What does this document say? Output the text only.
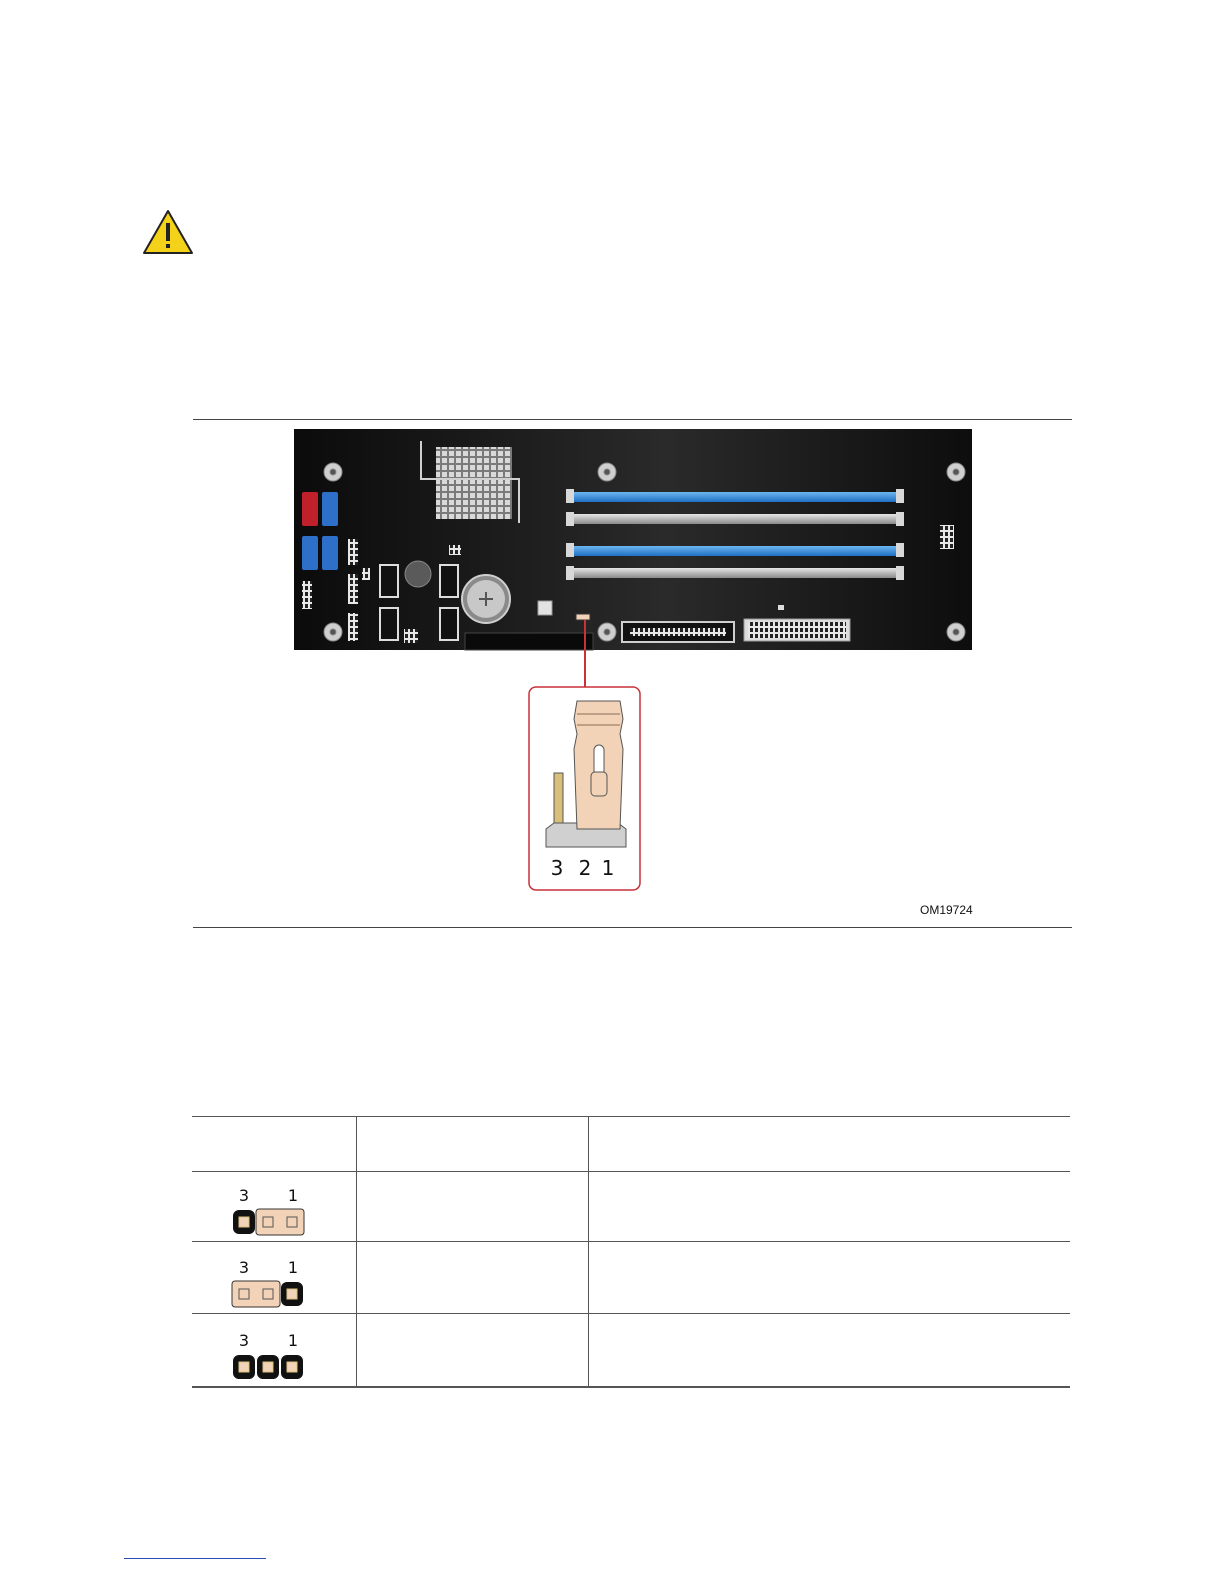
3 2 1
OM19724
3 1
3 1
3 1
